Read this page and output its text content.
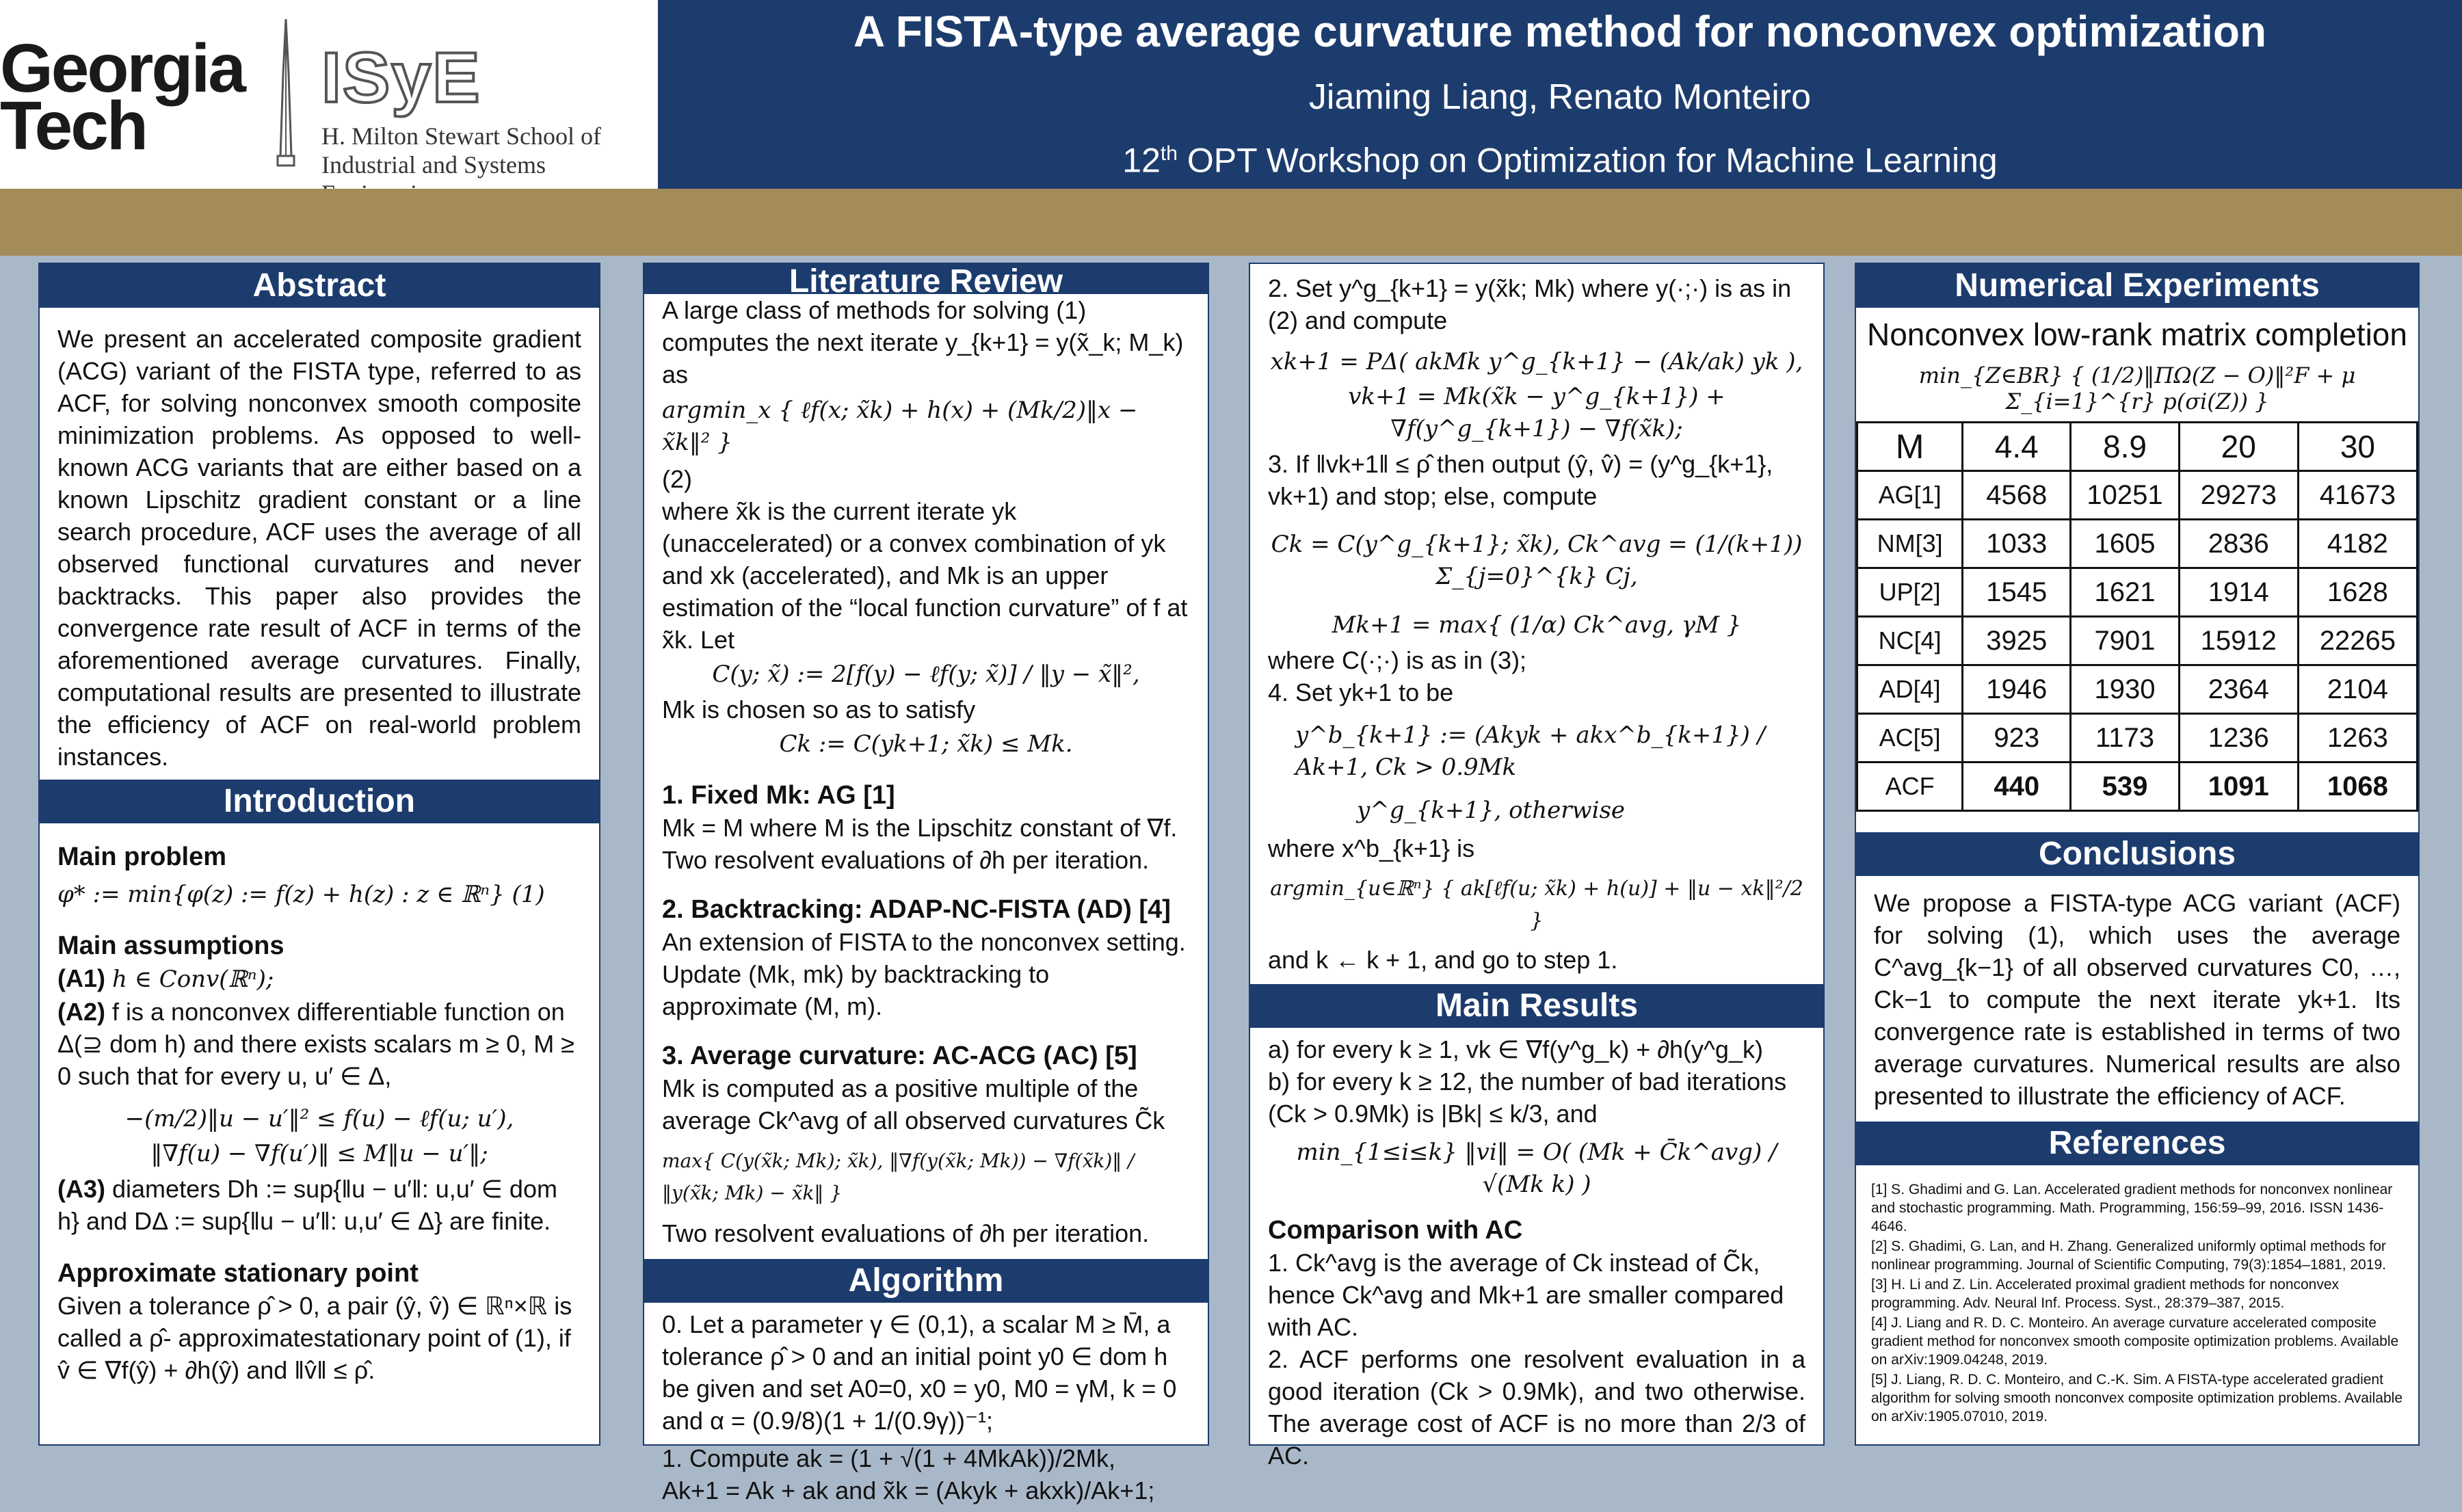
Georgia
Tech
ISyE
H. Milton Stewart School of
Industrial and Systems
A FISTA-type average curvature method for nonconvex optimization
Jiaming Liang, Renato Monteiro
12th OPT Workshop on Optimization for Machine Learning
Abstract
We present an accelerated composite gradient (ACG) variant of the FISTA type, referred to as ACF, for solving nonconvex smooth composite minimization problems. As opposed to well-known ACG variants that are either based on a known Lipschitz gradient constant or a line search procedure, ACF uses the average of all observed functional curvatures and never backtracks. This paper also provides the convergence rate result of ACF in terms of the aforementioned average curvatures. Finally, computational results are presented to illustrate the efficiency of ACF on real-world problem instances.
Introduction
Main problem
φ* := min{φ(z) := f(z) + h(z) : z ∈ ℝⁿ} (1)
Main assumptions
(A1) h ∈ Conv(ℝⁿ);
(A2) f is a nonconvex differentiable function on Δ(⊇ dom h) and there exists scalars m ≥ 0, M ≥ 0 such that for every u, u′ ∈ Δ,
−(m/2)‖u − u′‖² ≤ f(u) − ℓf(u; u′),
‖∇f(u) − ∇f(u′)‖ ≤ M‖u − u′‖;
(A3) diameters Dh := sup{‖u − u′‖: u,u′ ∈ dom h} and DΔ := sup{‖u − u′‖: u,u′ ∈ Δ} are finite.
Approximate stationary point
Given a tolerance ρ̂ > 0, a pair (ŷ, v̂) ∈ ℝⁿ×ℝ is called a ρ̂- approximatestationary point of (1), if v̂ ∈ ∇f(ŷ) + ∂h(ŷ) and ‖v̂‖ ≤ ρ̂.
Literature Review
A large class of methods for solving (1) computes the next iterate y_{k+1} = y(x̃_k; M_k) as
argmin_x { ℓf(x; x̃k) + h(x) + (Mk/2)‖x − x̃k‖² }
(2)
where x̃k is the current iterate yk (unaccelerated) or a convex combination of yk and xk (accelerated), and Mk is an upper estimation of the “local function curvature” of f at x̃k. Let
C(y; x̃) := 2[f(y) − ℓf(y; x̃)] / ‖y − x̃‖²,
Mk is chosen so as to satisfy
Ck := C(yk+1; x̃k) ≤ Mk.
1. Fixed Mk: AG [1]
Mk = M where M is the Lipschitz constant of ∇f. Two resolvent evaluations of ∂h per iteration.
2. Backtracking: ADAP-NC-FISTA (AD) [4]
An extension of FISTA to the nonconvex setting. Update (Mk, mk) by backtracking to approximate (M, m).
3. Average curvature: AC-ACG (AC) [5]
Mk is computed as a positive multiple of the average Ck^avg of all observed curvatures C̃k
max{ C(y(x̃k; Mk); x̃k), ‖∇f(y(x̃k; Mk)) − ∇f(x̃k)‖ / ‖y(x̃k; Mk) − x̃k‖ }
Two resolvent evaluations of ∂h per iteration.
Algorithm
0. Let a parameter γ ∈ (0,1), a scalar M ≥ M̄, a tolerance ρ̂ > 0 and an initial point y0 ∈ dom h be given and set A0=0, x0 = y0, M0 = γM, k = 0 and α = (0.9/8)(1 + 1/(0.9γ))⁻¹;
1. Compute ak = (1 + √(1 + 4MkAk))/2Mk,
Ak+1 = Ak + ak and x̃k = (Akyk + akxk)/Ak+1;
2. Set y^g_{k+1} = y(x̃k; Mk) where y(·;·) is as in (2) and compute
xk+1 = PΔ( akMk y^g_{k+1} − (Ak/ak) yk ),
vk+1 = Mk(x̃k − y^g_{k+1}) + ∇f(y^g_{k+1}) − ∇f(x̃k);
3. If ‖vk+1‖ ≤ ρ̂ then output (ŷ, v̂) = (y^g_{k+1}, vk+1) and stop; else, compute
Ck = C(y^g_{k+1}; x̃k), Ck^avg = (1/(k+1)) Σ_{j=0}^{k} Cj,
Mk+1 = max{ (1/α) Ck^avg, γM }
where C(·;·) is as in (3);
4. Set yk+1 to be
y^b_{k+1} := (Akyk + akx^b_{k+1}) / Ak+1, Ck > 0.9Mk
y^g_{k+1}, otherwise
where x^b_{k+1} is
argmin_{u∈ℝⁿ} { ak[ℓf(u; x̃k) + h(u)] + ‖u − xk‖²/2 }
and k ← k + 1, and go to step 1.
Main Results
a) for every k ≥ 1, vk ∈ ∇f(y^g_k) + ∂h(y^g_k)
b) for every k ≥ 12, the number of bad iterations (Ck > 0.9Mk) is |Bk| ≤ k/3, and
min_{1≤i≤k} ‖vi‖ = O( (Mk + C̄k^avg) / √(Mk k) )
Comparison with AC
1. Ck^avg is the average of Ck instead of C̃k, hence Ck^avg and Mk+1 are smaller compared with AC.
2. ACF performs one resolvent evaluation in a good iteration (Ck > 0.9Mk), and two otherwise. The average cost of ACF is no more than 2/3 of AC.
Numerical Experiments
Nonconvex low-rank matrix completion
min_{Z∈BR} { (1/2)‖ΠΩ(Z − O)‖²F + μ Σ_{i=1}^{r} p(σi(Z)) }
M	4.4	8.9	20	30
AG[1]	4568	10251	29273	41673
NM[3]	1033	1605	2836	4182
UP[2]	1545	1621	1914	1628
NC[4]	3925	7901	15912	22265
AD[4]	1946	1930	2364	2104
AC[5]	923	1173	1236	1263
ACF	440	539	1091	1068
Conclusions
We propose a FISTA-type ACG variant (ACF) for solving (1), which uses the average C^avg_{k−1} of all observed curvatures C0, …, Ck−1 to compute the next iterate yk+1. Its convergence rate is established in terms of two average curvatures. Numerical results are also presented to illustrate the efficiency of ACF.
References

[1] S. Ghadimi and G. Lan. Accelerated gradient methods for nonconvex nonlinear and stochastic programming. Math. Programming, 156:59–99, 2016. ISSN 1436-4646.

[2] S. Ghadimi, G. Lan, and H. Zhang. Generalized uniformly optimal methods for nonlinear programming. Journal of Scientific Computing, 79(3):1854–1881, 2019.

[3] H. Li and Z. Lin. Accelerated proximal gradient methods for nonconvex programming. Adv. Neural Inf. Process. Syst., 28:379–387, 2015.

[4] J. Liang and R. D. C. Monteiro. An average curvature accelerated composite gradient method for nonconvex smooth composite optimization problems. Available on arXiv:1909.04248, 2019.

[5] J. Liang, R. D. C. Monteiro, and C.-K. Sim. A FISTA-type accelerated gradient algorithm for solving smooth nonconvex composite optimization problems. Available on arXiv:1905.07010, 2019.
